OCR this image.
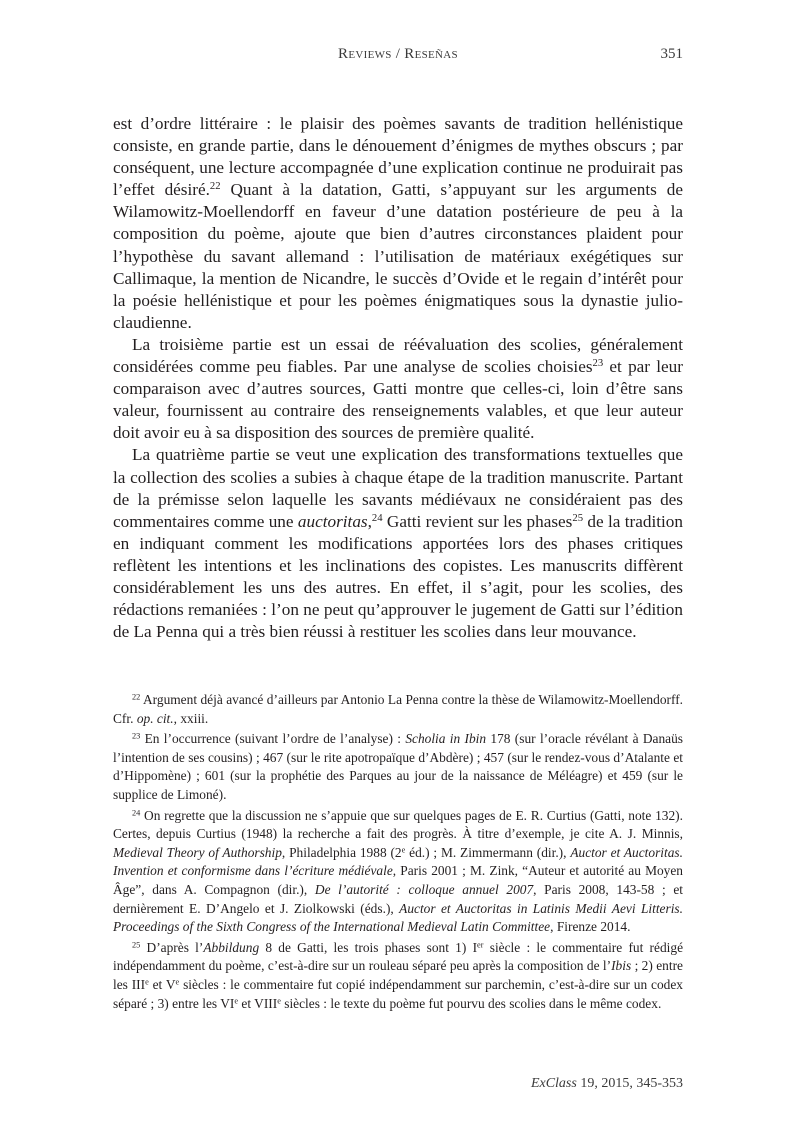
Reviews / Reseñas	351

est d’ordre littéraire : le plaisir des poèmes savants de tradition hellénistique consiste, en grande partie, dans le dénouement d’énigmes de mythes obscurs ; par conséquent, une lecture accompagnée d’une explication continue ne produirait pas l’effet désiré.$^{22}$ Quant à la datation, Gatti, s’appuyant sur les arguments de Wilamowitz-Moellendorff en faveur d’une datation postérieure de peu à la composition du poème, ajoute que bien d’autres circonstances plaident pour l’hypothèse du savant allemand : l’utilisation de matériaux exégétiques sur Callimaque, la mention de Nicandre, le succès d’Ovide et le regain d’intérêt pour la poésie hellénistique et pour les poèmes énigmatiques sous la dynastie julio-claudienne.

La troisième partie est un essai de réévaluation des scolies, généralement considérées comme peu fiables. Par une analyse de scolies choisies$^{23}$ et par leur comparaison avec d’autres sources, Gatti montre que celles-ci, loin d’être sans valeur, fournissent au contraire des renseignements valables, et que leur auteur doit avoir eu à sa disposition des sources de première qualité.

La quatrième partie se veut une explication des transformations textuelles que la collection des scolies a subies à chaque étape de la tradition manuscrite. Partant de la prémisse selon laquelle les savants médiévaux ne considéraient pas des commentaires comme une auctoritas,$^{24}$ Gatti revient sur les phases$^{25}$ de la tradition en indiquant comment les modifications apportées lors des phases critiques reflètent les intentions et les inclinations des copistes. Les manuscrits diffèrent considérablement les uns des autres. En effet, il s’agit, pour les scolies, des rédactions remaniées : l’on ne peut qu’approuver le jugement de Gatti sur l’édition de La Penna qui a très bien réussi à restituer les scolies dans leur mouvance.

$^{22}$ Argument déjà avancé d’ailleurs par Antonio La Penna contre la thèse de Wilamowitz-Moellendorff. Cfr. op. cit., xxiii.

$^{23}$ En l’occurrence (suivant l’ordre de l’analyse) : Scholia in Ibin 178 (sur l’oracle révélant à Danaüs l’intention de ses cousins) ; 467 (sur le rite apotropaïque d’Abdère) ; 457 (sur le rendez-vous d’Atalante et d’Hippomène) ; 601 (sur la prophétie des Parques au jour de la naissance de Méléagre) et 459 (sur le supplice de Limoné).

$^{24}$ On regrette que la discussion ne s’appuie que sur quelques pages de E. R. Curtius (Gatti, note 132). Certes, depuis Curtius (1948) la recherche a fait des progrès. À titre d’exemple, je cite A. J. Minnis, Medieval Theory of Authorship, Philadelphia 1988 (2e éd.) ; M. Zimmermann (dir.), Auctor et Auctoritas. Invention et conformisme dans l’écriture médiévale, Paris 2001 ; M. Zink, “Auteur et autorité au Moyen Âge”, dans A. Compagnon (dir.), De l’autorité : colloque annuel 2007, Paris 2008, 143-58 ; et dernièrement E. D’Angelo et J. Ziolkowski (éds.), Auctor et Auctoritas in Latinis Medii Aevi Litteris. Proceedings of the Sixth Congress of the International Medieval Latin Committee, Firenze 2014.

$^{25}$ D’après l’Abbildung 8 de Gatti, les trois phases sont 1) Ier siècle : le commentaire fut rédigé indépendamment du poème, c’est-à-dire sur un rouleau séparé peu après la composition de l’Ibis ; 2) entre les IIIe et Ve siècles : le commentaire fut copié indépendamment sur parchemin, c’est-à-dire sur un codex séparé ; 3) entre les VIe et VIIIe siècles : le texte du poème fut pourvu des scolies dans le même codex.

ExClass 19, 2015, 345-353
